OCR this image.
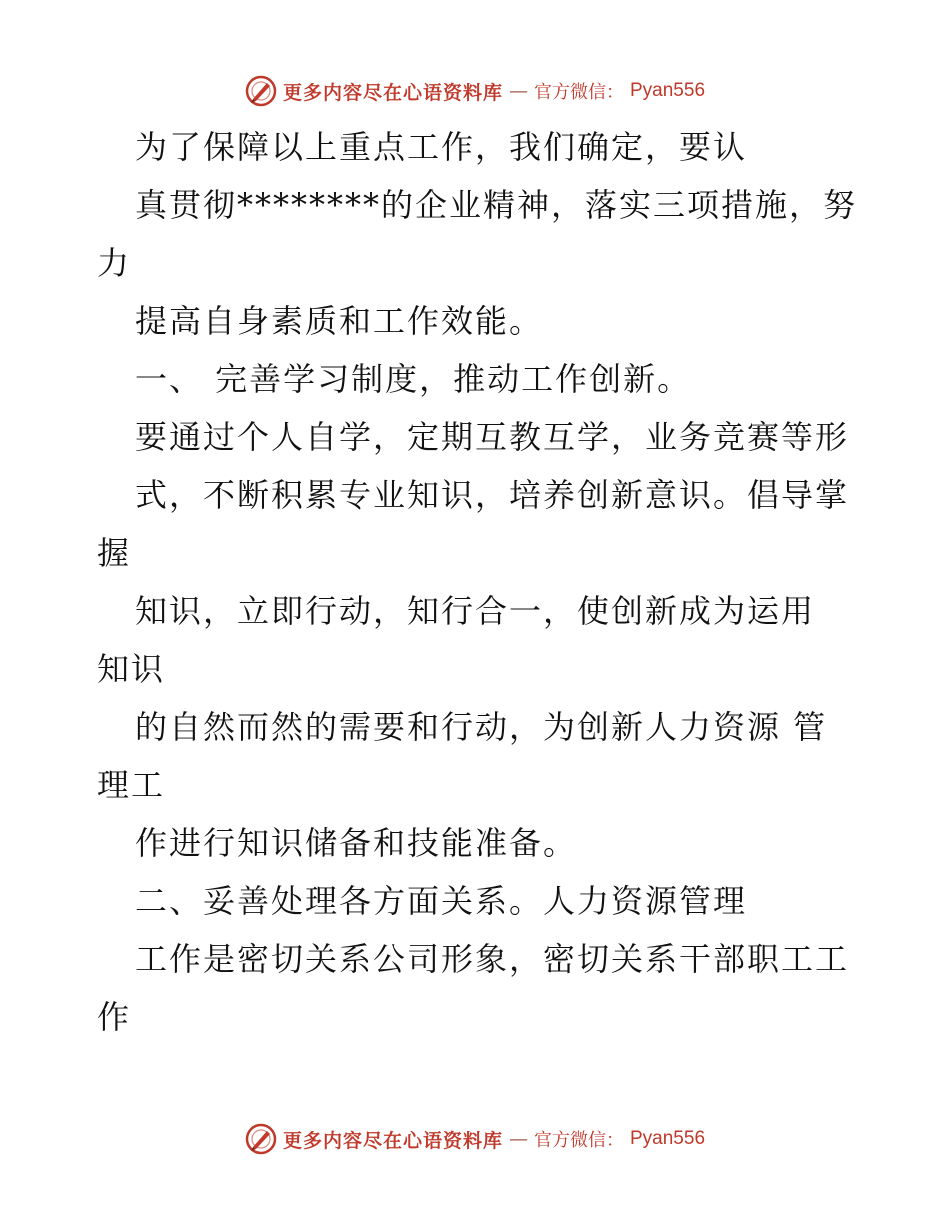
更多内容尽在心语资料库 — 官方微信： Pyan556
为了保障以上重点工作，我们确定，要认
真贯彻********的企业精神，落实三项措施，努
力
提高自身素质和工作效能。
一、 完善学习制度，推动工作创新。
要通过个人自学，定期互教互学，业务竞赛等形
式，不断积累专业知识，培养创新意识。倡导掌
握
知识，立即行动，知行合一，使创新成为运用
知识
的自然而然的需要和行动，为创新人力资源 管
理工
作进行知识储备和技能准备。
二、妥善处理各方面关系。人力资源管理
工作是密切关系公司形象，密切关系干部职工工
作
更多内容尽在心语资料库 — 官方微信： Pyan556
